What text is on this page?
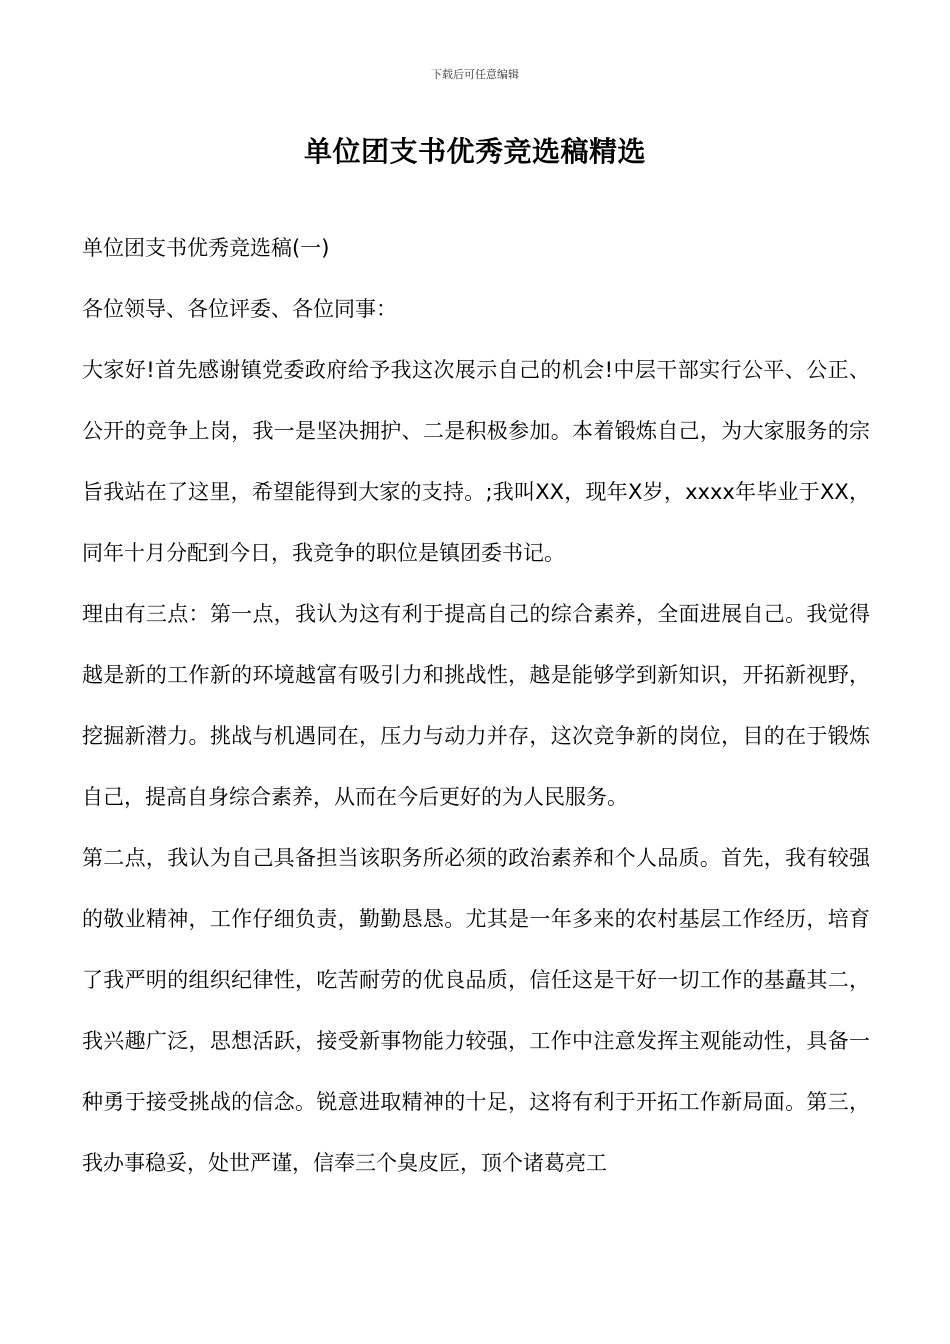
下载后可任意编辑
单位团支书优秀竞选稿精选

单位团支书优秀竞选稿(一)

各位领导、各位评委、各位同事：

大家好!首先感谢镇党委政府给予我这次展示自己的机会!中层干部实行公平、公正、公开的竞争上岗，我一是坚决拥护、二是积极参加。本着锻炼自己，为大家服务的宗旨我站在了这里，希望能得到大家的支持。;我叫XX，现年X岁，xxxx年毕业于XX，同年十月分配到今日，我竞争的职位是镇团委书记。

理由有三点：第一点，我认为这有利于提高自己的综合素养，全面进展自己。我觉得越是新的工作新的环境越富有吸引力和挑战性，越是能够学到新知识，开拓新视野，挖掘新潜力。挑战与机遇同在，压力与动力并存，这次竞争新的岗位，目的在于锻炼自己，提高自身综合素养，从而在今后更好的为人民服务。

第二点，我认为自己具备担当该职务所必须的政治素养和个人品质。首先，我有较强的敬业精神，工作仔细负责，勤勤恳恳。尤其是一年多来的农村基层工作经历，培育了我严明的组织纪律性，吃苦耐劳的优良品质，信任这是干好一切工作的基矗其二，我兴趣广泛，思想活跃，接受新事物能力较强，工作中注意发挥主观能动性，具备一种勇于接受挑战的信念。锐意进取精神的十足，这将有利于开拓工作新局面。第三，我办事稳妥，处世严谨，信奉三个臭皮匠，顶个诸葛亮工
